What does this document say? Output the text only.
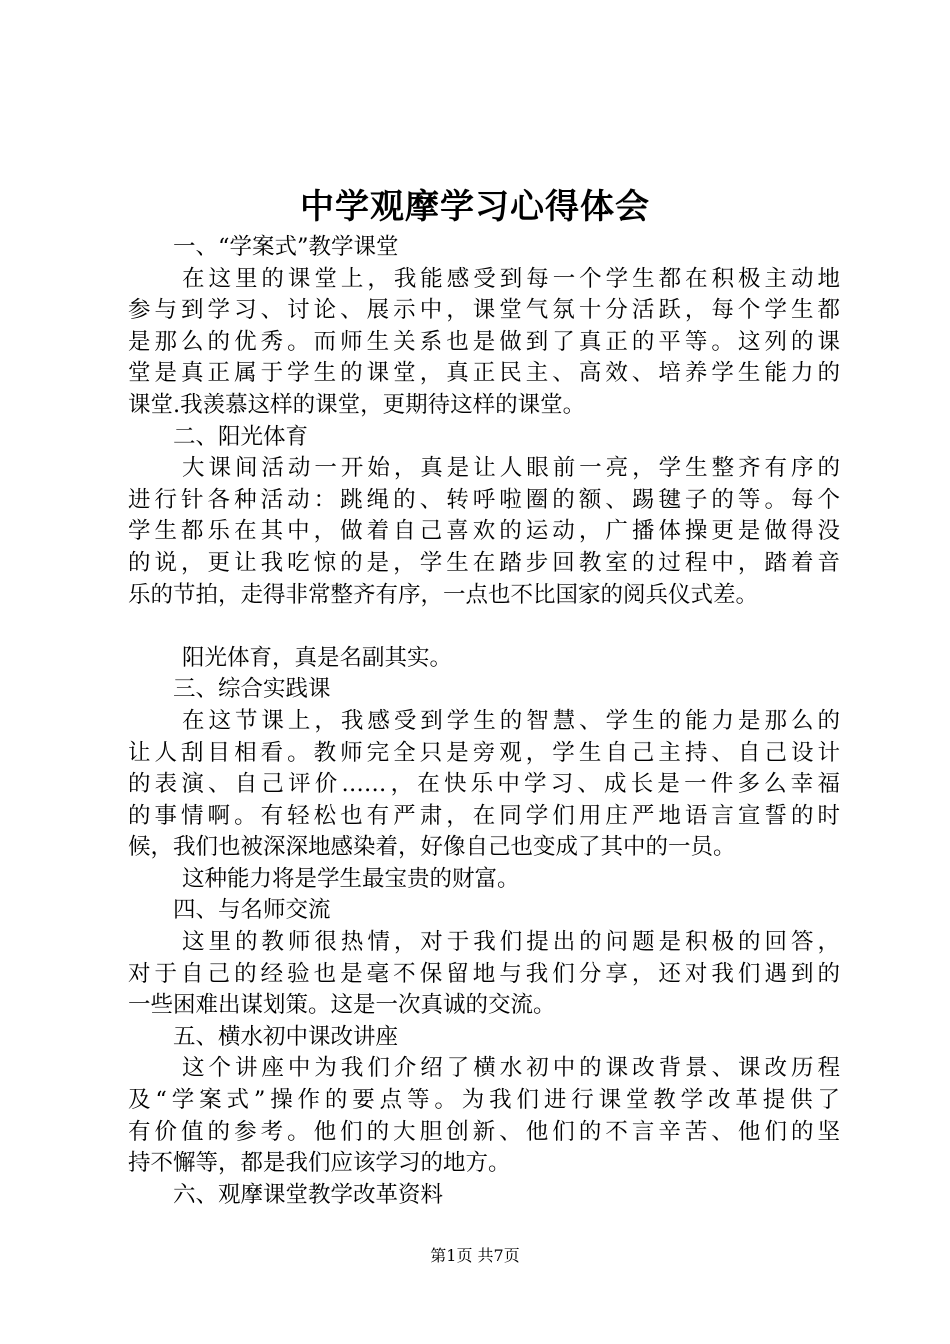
中学观摩学习心得体会
一、“学案式”教学课堂
在这里的课堂上，我能感受到每一个学生都在积极主动地
参与到学习、讨论、展示中，课堂气氛十分活跃，每个学生都
是那么的优秀。而师生关系也是做到了真正的平等。这列的课
堂是真正属于学生的课堂，真正民主、高效、培养学生能力的
课堂.我羡慕这样的课堂，更期待这样的课堂。
二、阳光体育
大课间活动一开始，真是让人眼前一亮，学生整齐有序的
进行针各种活动：跳绳的、转呼啦圈的额、踢毽子的等。每个
学生都乐在其中，做着自己喜欢的运动，广播体操更是做得没
的说，更让我吃惊的是，学生在踏步回教室的过程中，踏着音
乐的节拍，走得非常整齐有序，一点也不比国家的阅兵仪式差。
阳光体育，真是名副其实。
三、综合实践课
在这节课上，我感受到学生的智慧、学生的能力是那么的
让人刮目相看。教师完全只是旁观，学生自己主持、自己设计
的表演、自己评价……，在快乐中学习、成长是一件多么幸福
的事情啊。有轻松也有严肃，在同学们用庄严地语言宣誓的时
候，我们也被深深地感染着，好像自己也变成了其中的一员。
这种能力将是学生最宝贵的财富。
四、与名师交流
这里的教师很热情，对于我们提出的问题是积极的回答，
对于自己的经验也是毫不保留地与我们分享，还对我们遇到的
一些困难出谋划策。这是一次真诚的交流。
五、横水初中课改讲座
这个讲座中为我们介绍了横水初中的课改背景、课改历程
及“学案式”操作的要点等。为我们进行课堂教学改革提供了
有价值的参考。他们的大胆创新、他们的不言辛苦、他们的坚
持不懈等，都是我们应该学习的地方。
六、观摩课堂教学改革资料
第1页 共7页
